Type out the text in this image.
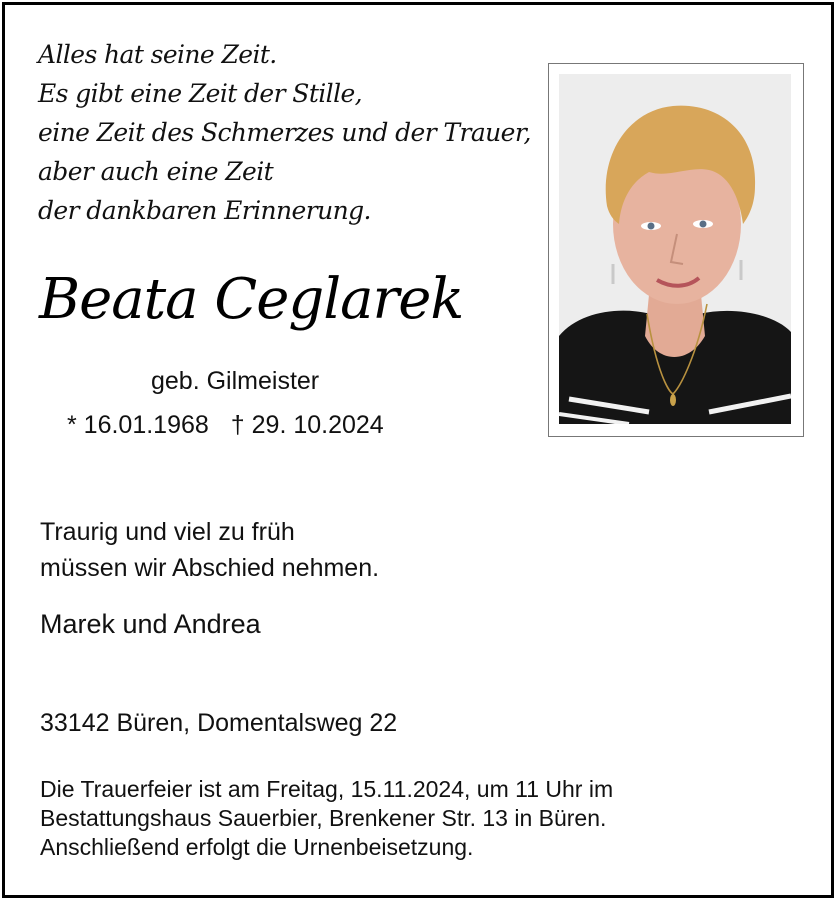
Alles hat seine Zeit.
Es gibt eine Zeit der Stille,
eine Zeit des Schmerzes und der Trauer,
aber auch eine Zeit
der dankbaren Erinnerung.
Beata Ceglarek
geb. Gilmeister
* 16.01.1968 † 29. 10.2024
Traurig und viel zu früh
müssen wir Abschied nehmen.
Marek und Andrea
33142 Büren, Domentalsweg 22
Die Trauerfeier ist am Freitag, 15.11.2024, um 11 Uhr im
Bestattungshaus Sauerbier, Brenkener Str. 13 in Büren.
Anschließend erfolgt die Urnenbeisetzung.
